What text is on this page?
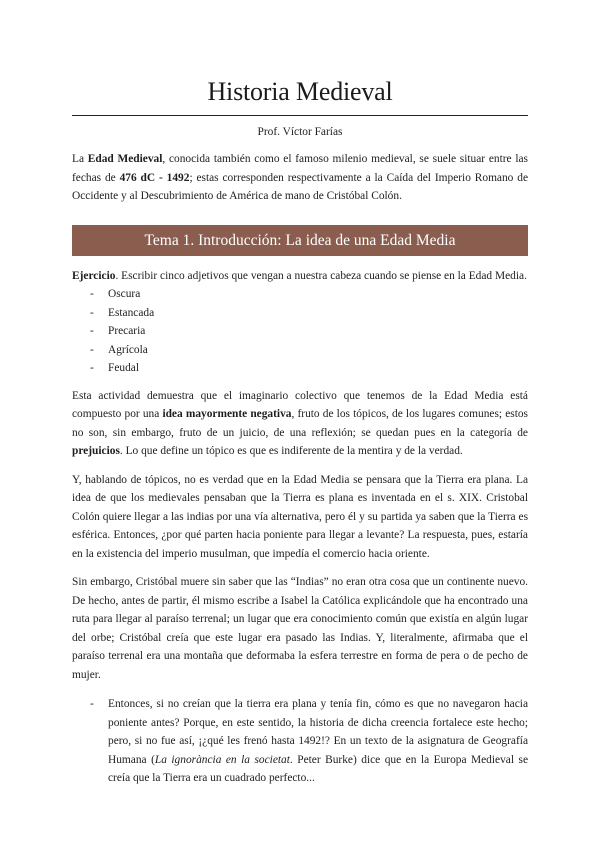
Historia Medieval
Prof. Víctor Farías

La Edad Medieval, conocida también como el famoso milenio medieval, se suele situar entre las fechas de 476 dC - 1492; estas corresponden respectivamente a la Caída del Imperio Romano de Occidente y al Descubrimiento de América de mano de Cristóbal Colón.

Tema 1. Introducción: La idea de una Edad Media

Ejercicio. Escribir cinco adjetivos que vengan a nuestra cabeza cuando se piense en la Edad Media.

- Oscura
- Estancada
- Precaria
- Agrícola
- Feudal

Esta actividad demuestra que el imaginario colectivo que tenemos de la Edad Media está compuesto por una idea mayormente negativa, fruto de los tópicos, de los lugares comunes; estos no son, sin embargo, fruto de un juicio, de una reflexión; se quedan pues en la categoría de prejuicios. Lo que define un tópico es que es indiferente de la mentira y de la verdad.

Y, hablando de tópicos, no es verdad que en la Edad Media se pensara que la Tierra era plana. La idea de que los medievales pensaban que la Tierra es plana es inventada en el s. XIX. Cristobal Colón quiere llegar a las indias por una vía alternativa, pero él y su partida ya saben que la Tierra es esférica. Entonces, ¿por qué parten hacia poniente para llegar a levante? La respuesta, pues, estaría en la existencia del imperio musulman, que impedía el comercio hacia oriente.

Sin embargo, Cristóbal muere sin saber que las “Indias” no eran otra cosa que un continente nuevo. De hecho, antes de partir, él mismo escribe a Isabel la Católica explicándole que ha encontrado una ruta para llegar al paraíso terrenal; un lugar que era conocimiento común que existía en algún lugar del orbe; Cristóbal creía que este lugar era pasado las Indias. Y, literalmente, afirmaba que el paraíso terrenal era una montaña que deformaba la esfera terrestre en forma de pera o de pecho de mujer.

- Entonces, si no creían que la tierra era plana y tenía fin, cómo es que no navegaron hacia poniente antes? Porque, en este sentido, la historia de dicha creencia fortalece este hecho; pero, si no fue así, ¡¿qué les frenó hasta 1492!? En un texto de la asignatura de Geografía Humana (La ignorància en la societat. Peter Burke) dice que en la Europa Medieval se creía que la Tierra era un cuadrado perfecto...
